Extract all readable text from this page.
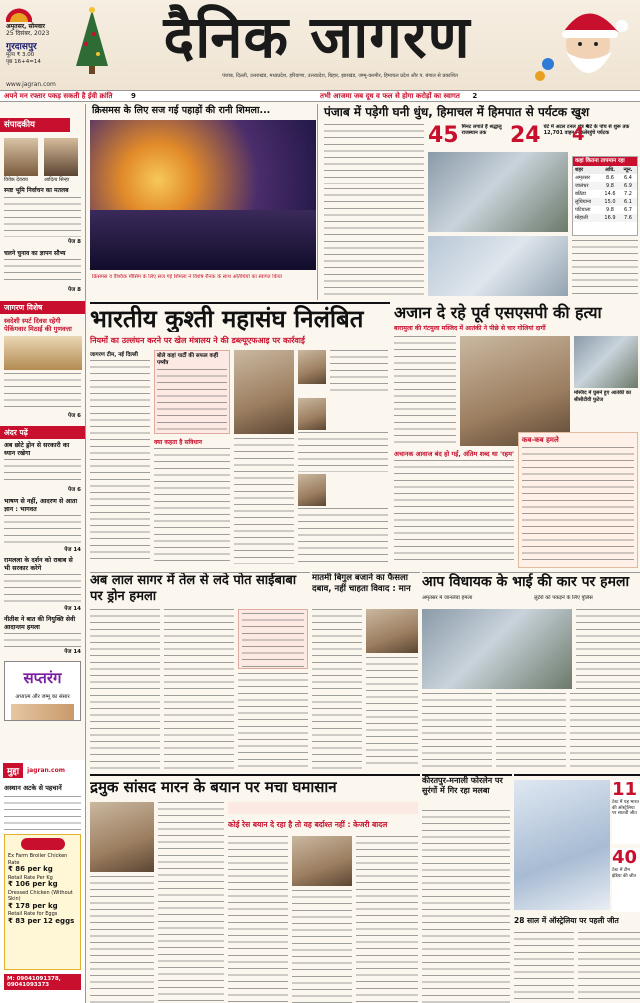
अमृतसर, सोमवार
25 दिसंबर, 2023
गुरदासपुर
मूल्य ₹ 3.00
पृष्ठ 16+4=14	दैनिक जागरण
पंजाब, दिल्ली, उत्तराखंड, मध्यप्रदेश, हरियाणा, उत्तरप्रदेश, बिहार, झारखंड, जम्मू-कश्मीर, हिमाचल प्रदेश और प. बंगाल से प्रकाशित
www.jagran.com
अपने मन रफ्तार पकड़ सकती है ईवी क्रांति	9	तभी आजमा जब दूध व फल से होगा करोड़ों का स्वागत 2
संपादकीय
विवेक देवराय	आदित्य सिन्हा
स्पष्ट भूमि निर्वाचन का मतलब
पेज 8
चलने चुनाव का ज्ञापन सौभ्य
पेज 8
जागरण विशेष
स्वदेशी स्पर्ट दिवस रहेगी पेकिंगवार मिठाई की गुणवत्ता
पेज 6
अंदर पढ़ें
अब छोटे ड्रोन से सरकारी का ध्यान रखेगा
पेज 6
भाषण से नहीं, आदरण से आता ज्ञान : भागवत
पेज 14
रामलला के दर्शन को राबाब से भी सरकार करेगे
पेज 14
नीतीश ने बात की नियुक्ति सेवी आदान्तम हमला
पेज 14
सप्तरंग
अध्यात्म और जम्मू का संसार
मुद्दा	jagran.com
अस्थान अटके से पहचानें
Ex Farm Broiler Chicken Rate
₹ 86 per kg
Retail Rate Per Kg
₹ 106 per kg
Dressed Chicken (Without Skin)
₹ 178 per kg
Retail Rate for Eggs
₹ 83 per 12 eggs
M: 09041091378, 09041093373
क्रिसमस के लिए सज गई पहाड़ों की रानी शिमला...
क्रिसमस व वैश्विक मौसिम के लिए सज गई शिमला ने विशेष रौनक के साथ अतिथियों का स्वागत किया
पंजाब में पड़ेगी घनी धुंध, हिमाचल में हिमपात से पर्यटक खुश
45 मिनट लगाते हैं श्रद्धालु राजस्थान तक	24 घंटे में अटल टनल क्षेत्र में 12,701 वाहन निकले
4 घटे के पांच से शुरू तक पहुंचे पर्यटक
कहां कितना तापमान रहा
शहर	अधि.	न्यून.
अमृतसर	8.6	6.4
जालंधर	9.8	6.9
बठिंडा	14.6	7.2
लुधियाना	15.0	6.1
पटियाला	9.8	6.7
मोहाली	16.9	7.6
भारतीय कुश्ती महासंघ निलंबित
नियमों का उल्लंघन करने पर खेल मंत्रालय ने की डब्ल्यूएफआइ पर कार्रवाई
जागरण टीम, नई दिल्ली	बोले कहां पार्टी की सफल कहीं पर्ष्यंत्र
क्या कहता है सविधान
अजान दे रहे पूर्व एसएसपी की हत्या
बारामुला की गंटमुला मस्जिद में आतंकी ने पीछे से चार गोलियां दागीं
मस्जिद में घुसने हुए आतंकी का सीसीटीवी फुटेज
अचानक आवाज बंद हो गई, अंतिम शब्द था 'रहम'
कब-कब हमले
अब लाल सागर में तेल से लदे पोत साईबाबा पर ड्रोन हमला
मातमी बिगुल बजाने का फैसला दबाव, नहीं चाहता विवाद : मान आप विधायक के भाई की कार पर हमला
अमृतसर में जानलेवा हमला	लुटेरों को पकड़ने के लिए पुलिस
द्रमुक सांसद मारन के बयान पर मचा घमासान
कोई रेस बयान दे रहा है तो वह बर्दाश्त नहीं : केजरी बादल
कीरतपुर-मनाली फोरलेन पर सुरंगों में गिर रहा मलबा	11
टेस्ट में यह भारत की ऑस्ट्रेलिया पर सातवीं जीत
40
टेस्ट में टीम इंडिया की जीत
28 साल में ऑस्ट्रेलिया पर पहली जीत
